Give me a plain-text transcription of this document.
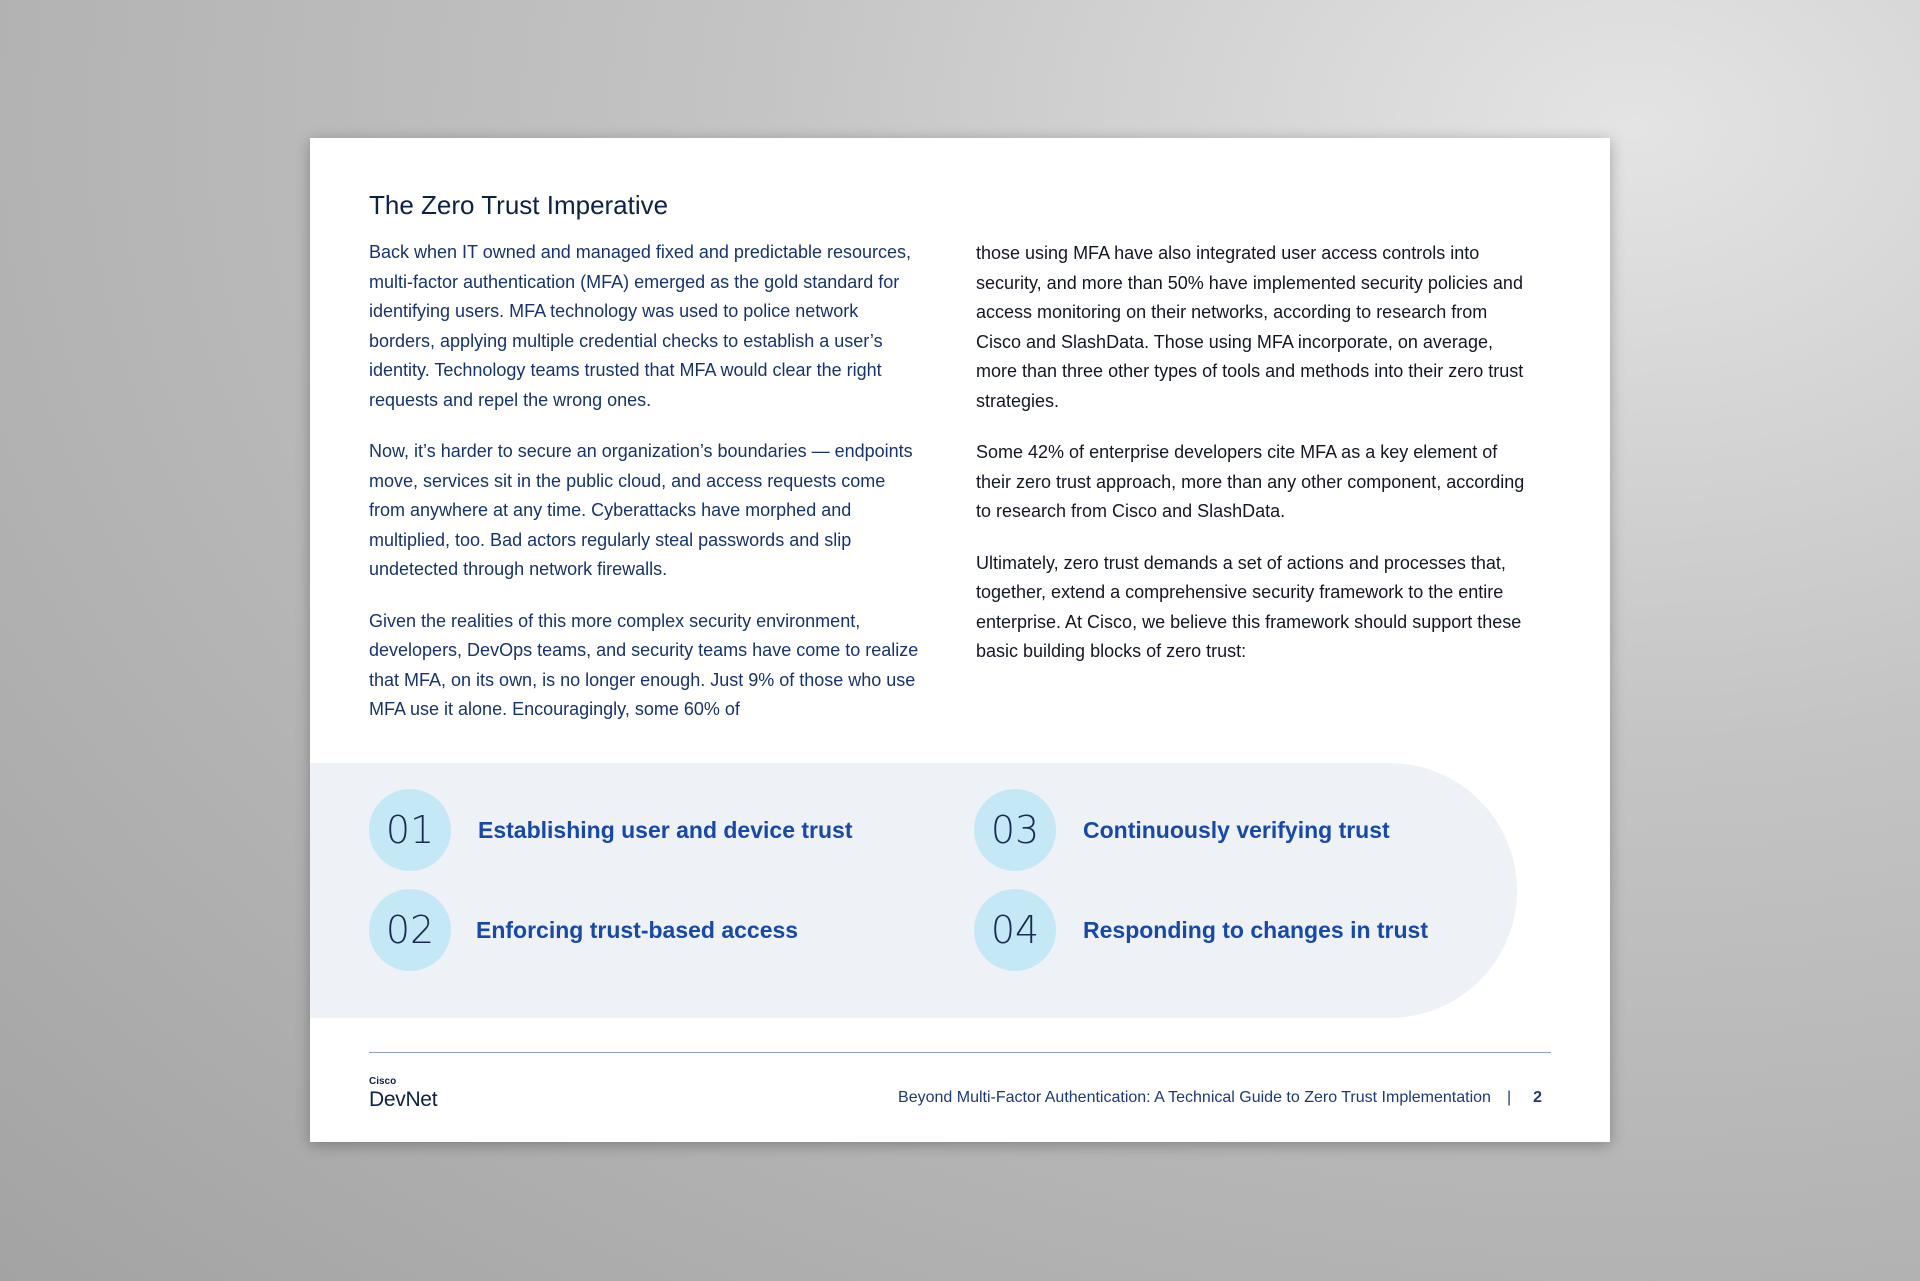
The Zero Trust Imperative

Back when IT owned and managed fixed and predictable resources, multi-factor authentication (MFA) emerged as the gold standard for identifying users. MFA technology was used to police network borders, applying multiple credential checks to establish a user’s identity. Technology teams trusted that MFA would clear the right requests and repel the wrong ones.

Now, it’s harder to secure an organization’s boundaries — endpoints move, services sit in the public cloud, and access requests come from anywhere at any time. Cyberattacks have morphed and multiplied, too. Bad actors regularly steal passwords and slip undetected through network firewalls.

Given the realities of this more complex security environment, developers, DevOps teams, and security teams have come to realize that MFA, on its own, is no longer enough. Just 9% of those who use MFA use it alone. Encouragingly, some 60% of

those using MFA have also integrated user access controls into security, and more than 50% have implemented security policies and access monitoring on their networks, according to research from Cisco and SlashData. Those using MFA incorporate, on average, more than three other types of tools and methods into their zero trust strategies.

Some 42% of enterprise developers cite MFA as a key element of their zero trust approach, more than any other component, according to research from Cisco and SlashData.

Ultimately, zero trust demands a set of actions and processes that, together, extend a comprehensive security framework to the entire enterprise. At Cisco, we believe this framework should support these basic building blocks of zero trust:

01	Establishing user and device trust
02	Enforcing trust-based access
03	Continuously verifying trust
04	Responding to changes in trust
Cisco
DevNet	Beyond Multi-Factor Authentication: A Technical Guide to Zero Trust Implementation | 2
